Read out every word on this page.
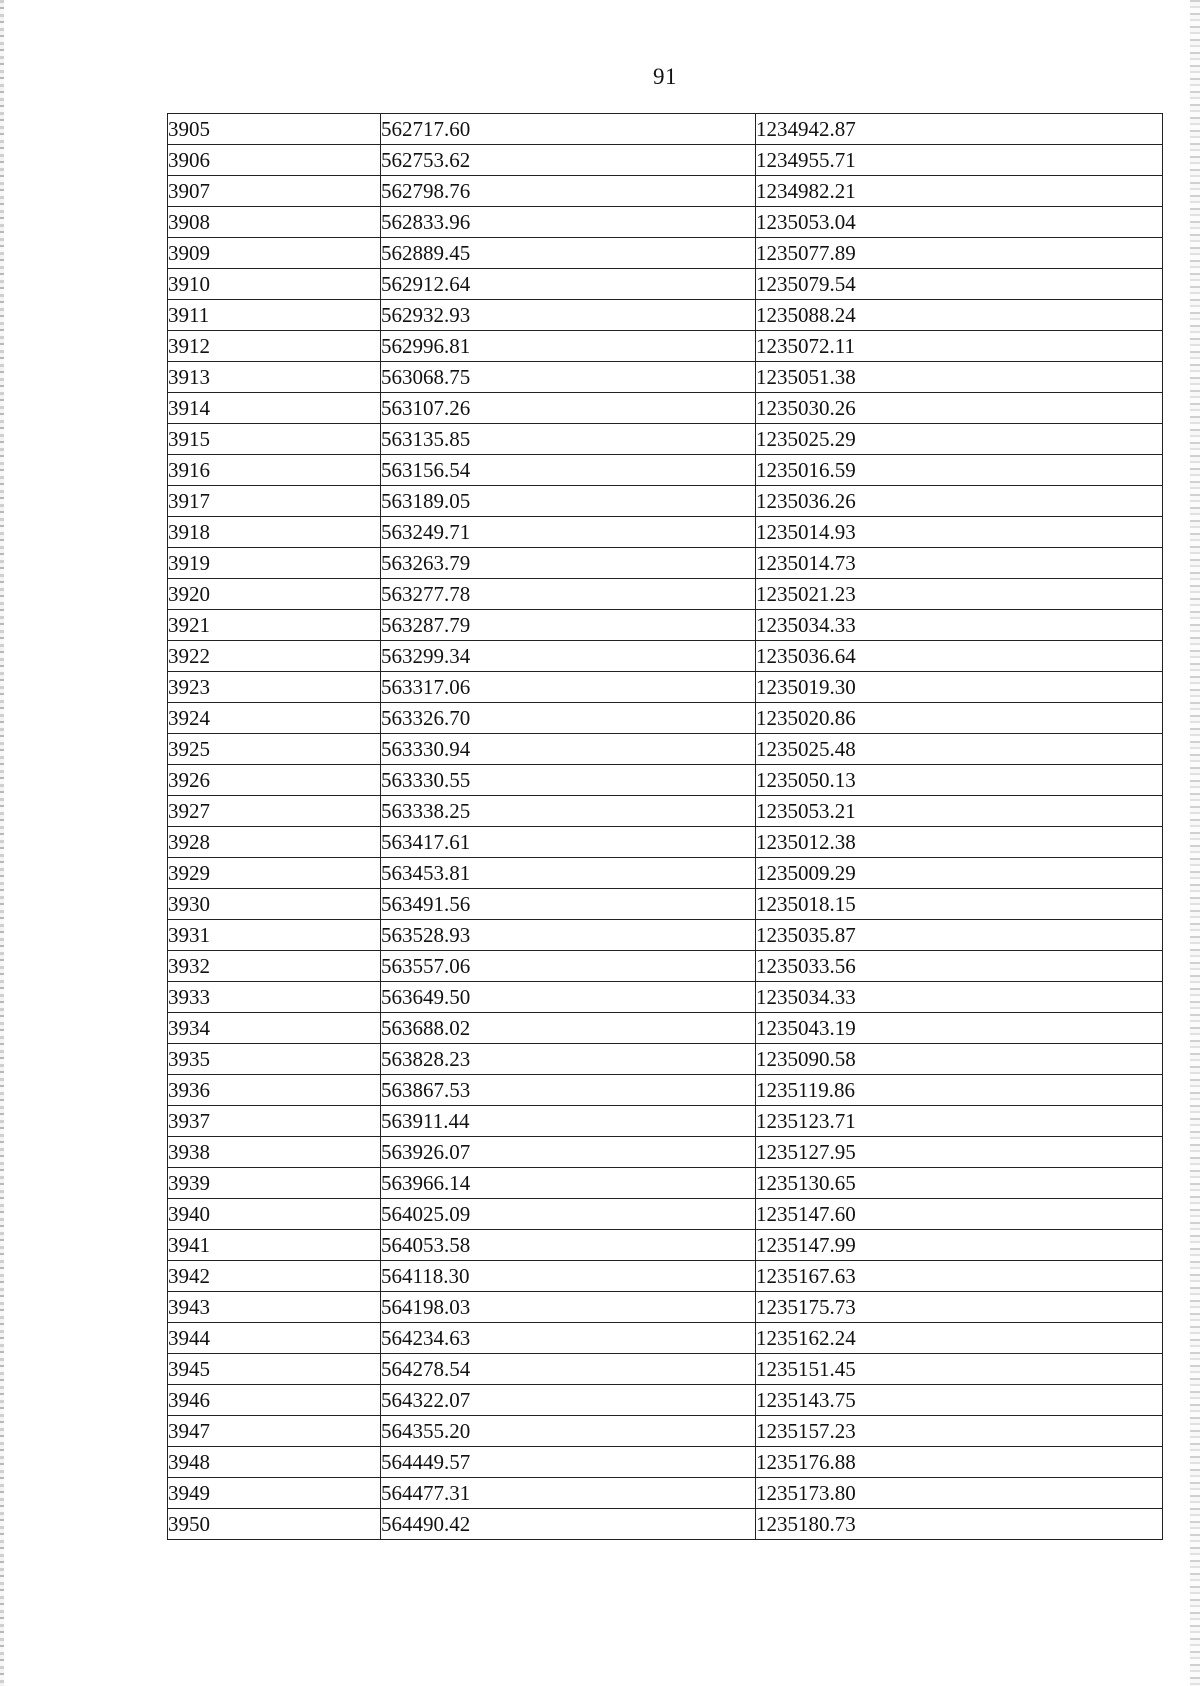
91
3905	562717.60	1234942.87
3906	562753.62	1234955.71
3907	562798.76	1234982.21
3908	562833.96	1235053.04
3909	562889.45	1235077.89
3910	562912.64	1235079.54
3911	562932.93	1235088.24
3912	562996.81	1235072.11
3913	563068.75	1235051.38
3914	563107.26	1235030.26
3915	563135.85	1235025.29
3916	563156.54	1235016.59
3917	563189.05	1235036.26
3918	563249.71	1235014.93
3919	563263.79	1235014.73
3920	563277.78	1235021.23
3921	563287.79	1235034.33
3922	563299.34	1235036.64
3923	563317.06	1235019.30
3924	563326.70	1235020.86
3925	563330.94	1235025.48
3926	563330.55	1235050.13
3927	563338.25	1235053.21
3928	563417.61	1235012.38
3929	563453.81	1235009.29
3930	563491.56	1235018.15
3931	563528.93	1235035.87
3932	563557.06	1235033.56
3933	563649.50	1235034.33
3934	563688.02	1235043.19
3935	563828.23	1235090.58
3936	563867.53	1235119.86
3937	563911.44	1235123.71
3938	563926.07	1235127.95
3939	563966.14	1235130.65
3940	564025.09	1235147.60
3941	564053.58	1235147.99
3942	564118.30	1235167.63
3943	564198.03	1235175.73
3944	564234.63	1235162.24
3945	564278.54	1235151.45
3946	564322.07	1235143.75
3947	564355.20	1235157.23
3948	564449.57	1235176.88
3949	564477.31	1235173.80
3950	564490.42	1235180.73
